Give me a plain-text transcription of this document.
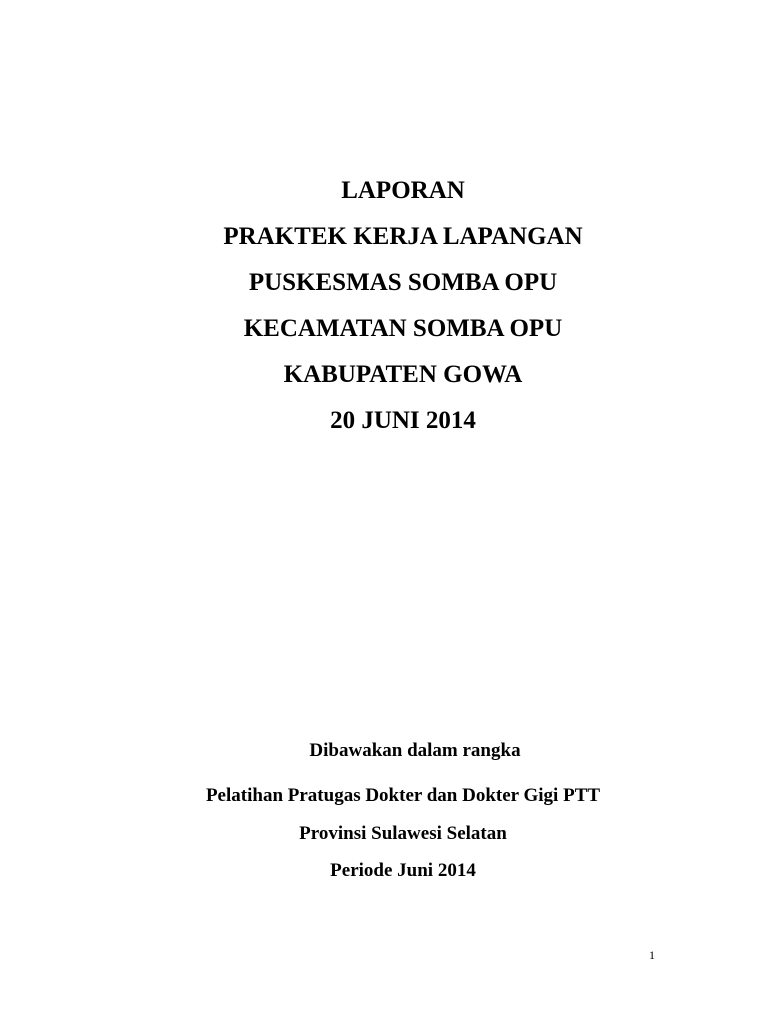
LAPORAN

PRAKTEK KERJA LAPANGAN

PUSKESMAS SOMBA OPU

KECAMATAN SOMBA OPU

KABUPATEN GOWA

20 JUNI 2014

Dibawakan dalam rangka

Pelatihan Pratugas Dokter dan Dokter Gigi PTT

Provinsi Sulawesi Selatan

Periode Juni 2014

1
